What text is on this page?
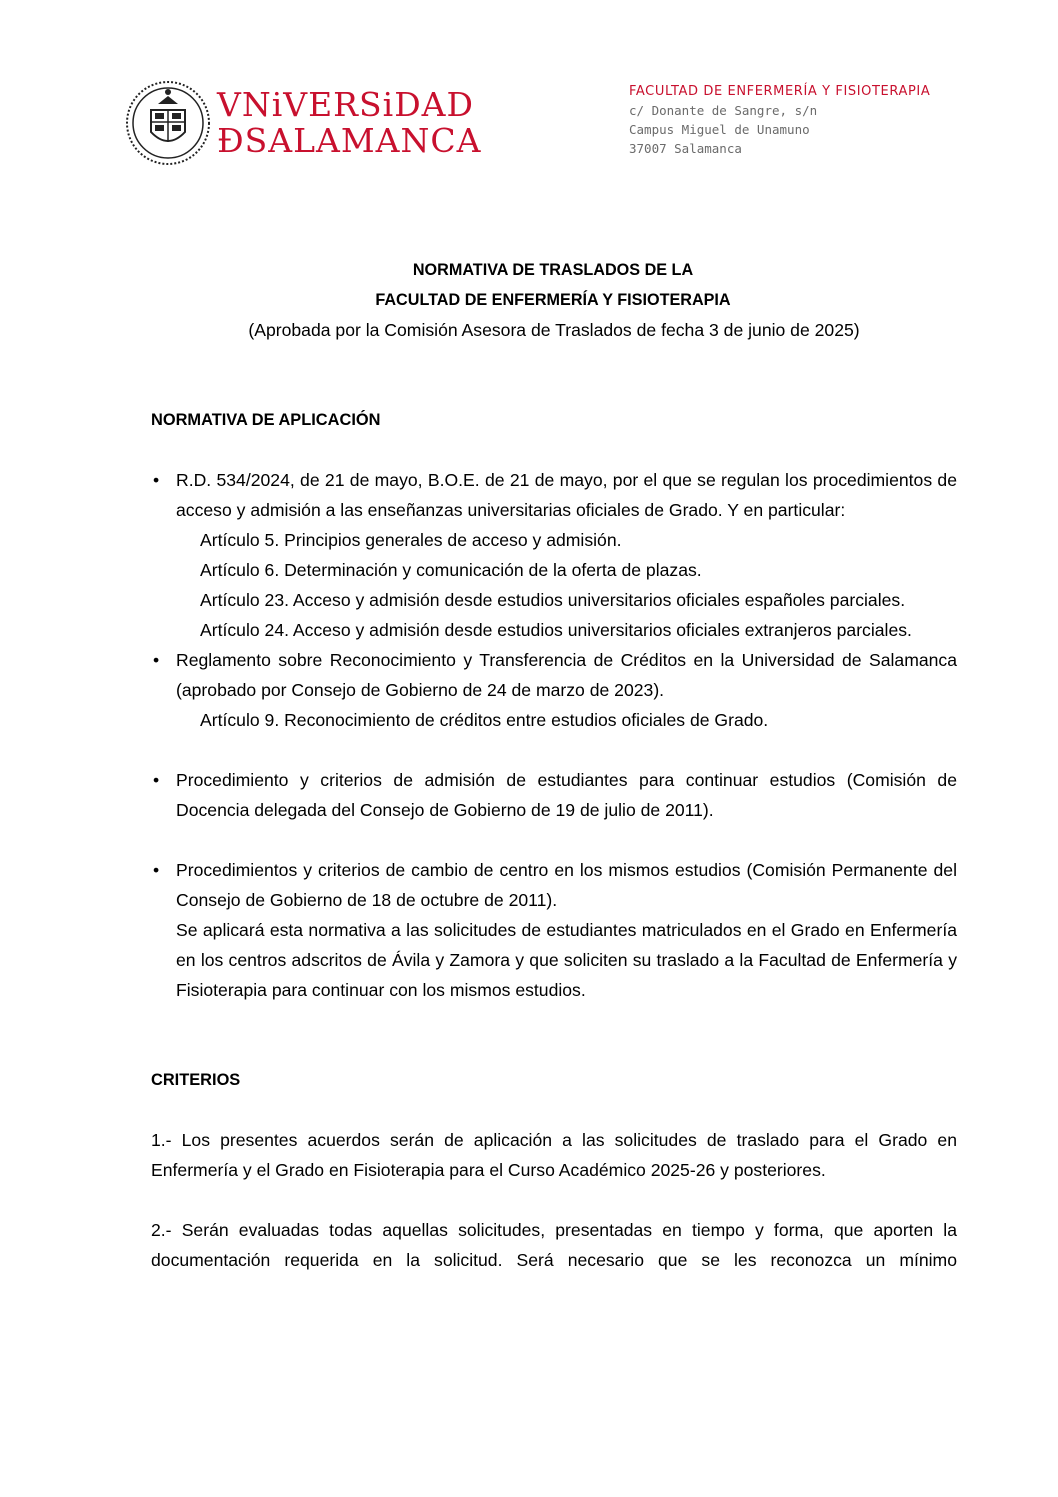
VNiVERSiDAD
ÐSALAMANCA
FACULTAD DE ENFERMERÍA Y FISIOTERAPIA
c/ Donante de Sangre, s/n
Campus Miguel de Unamuno
37007 Salamanca
NORMATIVA DE TRASLADOS DE LA
FACULTAD DE ENFERMERÍA Y FISIOTERAPIA
(Aprobada por la Comisión Asesora de Traslados de fecha 3 de junio de 2025)
NORMATIVA DE APLICACIÓN
• R.D. 534/2024, de 21 de mayo, B.O.E. de 21 de mayo, por el que se regulan los procedimientos de acceso y admisión a las enseñanzas universitarias oficiales de Grado. Y en particular:
Artículo 5. Principios generales de acceso y admisión.
Artículo 6. Determinación y comunicación de la oferta de plazas.
Artículo 23. Acceso y admisión desde estudios universitarios oficiales españoles parciales.
Artículo 24. Acceso y admisión desde estudios universitarios oficiales extranjeros parciales.
• Reglamento sobre Reconocimiento y Transferencia de Créditos en la Universidad de Salamanca (aprobado por Consejo de Gobierno de 24 de marzo de 2023).
Artículo 9. Reconocimiento de créditos entre estudios oficiales de Grado.
• Procedimiento y criterios de admisión de estudiantes para continuar estudios (Comisión de Docencia delegada del Consejo de Gobierno de 19 de julio de 2011).
• Procedimientos y criterios de cambio de centro en los mismos estudios (Comisión Permanente del Consejo de Gobierno de 18 de octubre de 2011).
Se aplicará esta normativa a las solicitudes de estudiantes matriculados en el Grado en Enfermería en los centros adscritos de Ávila y Zamora y que soliciten su traslado a la Facultad de Enfermería y Fisioterapia para continuar con los mismos estudios.
CRITERIOS
1.- Los presentes acuerdos serán de aplicación a las solicitudes de traslado para el Grado en Enfermería y el Grado en Fisioterapia para el Curso Académico 2025-26 y posteriores.
2.- Serán evaluadas todas aquellas solicitudes, presentadas en tiempo y forma, que aporten la documentación requerida en la solicitud. Será necesario que se les reconozca un mínimo
